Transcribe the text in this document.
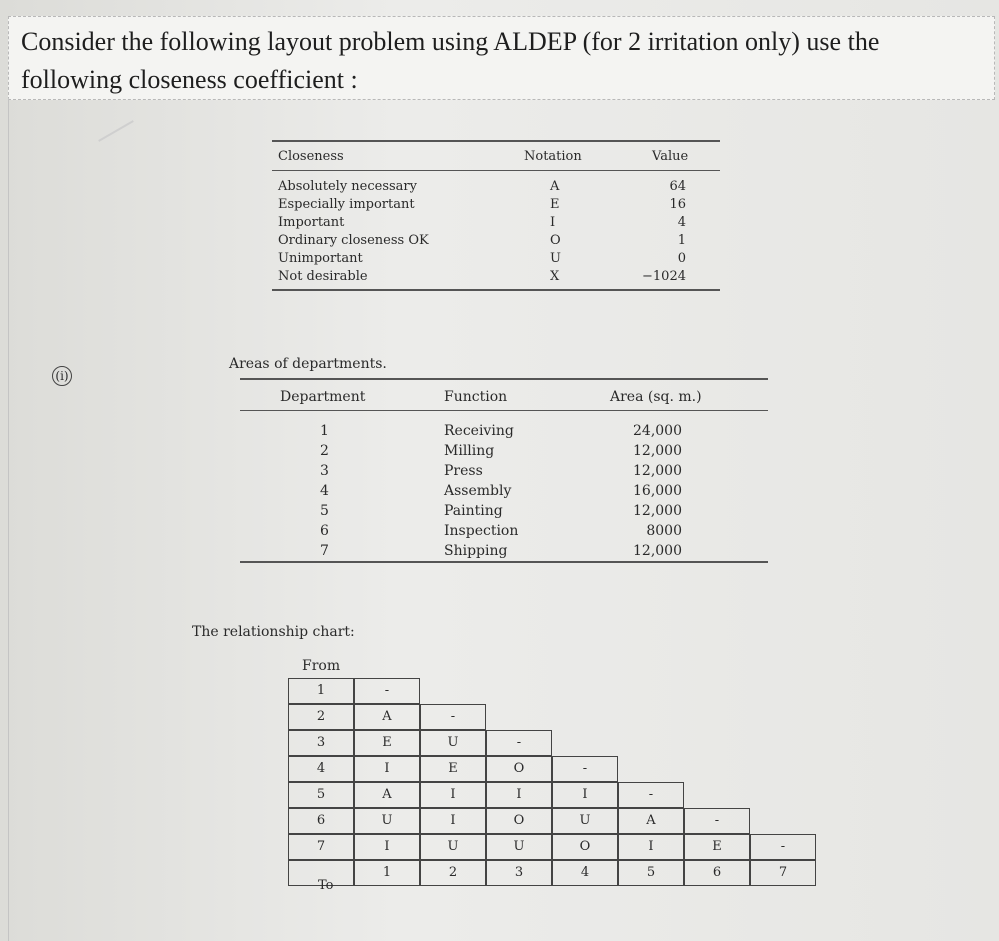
Consider the following layout problem using ALDEP (for 2 irritation only) use the

following closeness coefficient :

Closeness	Notation	Value
Absolutely necessary	A	64
Especially important	E	16
Important	I	4
Ordinary closeness OK	O	1
Unimportant	U	0
Not desirable	X	−1024
(i)
Areas of departments.
Department	Function	Area (sq. m.)
1	Receiving	24,000
2	Milling	12,000
3	Press	12,000
4	Assembly	16,000
5	Painting	12,000
6	Inspection	8000
7	Shipping	12,000
The relationship chart:
From
1	-
2	A	-
3	E	U	-
4	I	E	O	-
5	A	I	I	I	-
6	U	I	O	U	A	-
7	I	U	U	O	I	E	-
1	2	3	4	5	6	7
To
